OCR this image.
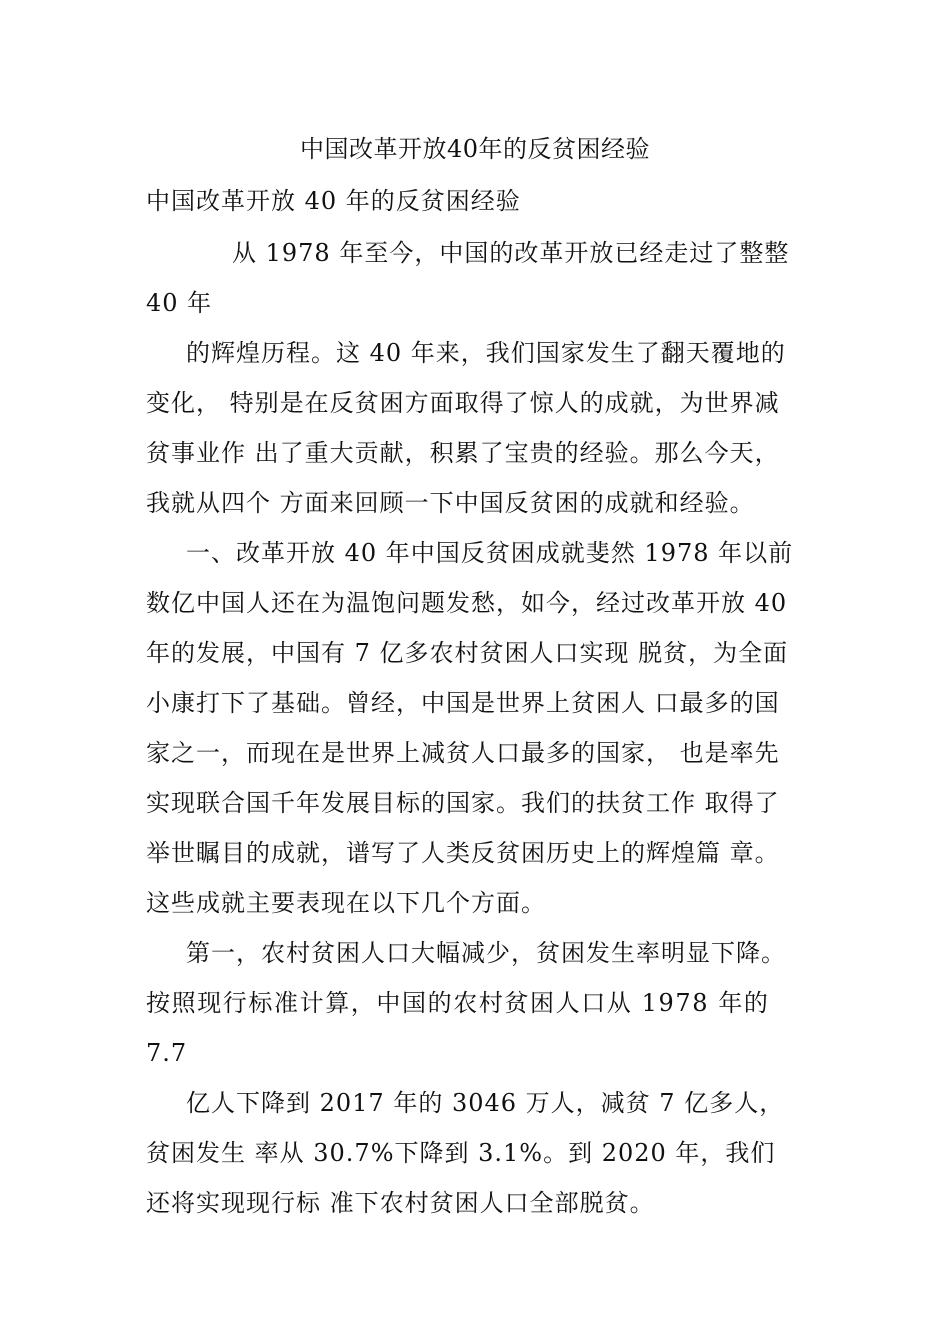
中国改革开放40年的反贫困经验
中国改革开放 40 年的反贫困经验
从 1978 年至今，中国的改革开放已经走过了整整
40 年
的辉煌历程。这 40 年来，我们国家发生了翻天覆地的
变化， 特别是在反贫困方面取得了惊人的成就，为世界减
贫事业作 出了重大贡献，积累了宝贵的经验。那么今天，
我就从四个 方面来回顾一下中国反贫困的成就和经验。
一、改革开放 40 年中国反贫困成就斐然 1978 年以前
数亿中国人还在为温饱问题发愁，如今，经过改革开放 40
年的发展，中国有 7 亿多农村贫困人口实现 脱贫，为全面
小康打下了基础。曾经，中国是世界上贫困人 口最多的国
家之一，而现在是世界上减贫人口最多的国家， 也是率先
实现联合国千年发展目标的国家。我们的扶贫工作 取得了
举世瞩目的成就，谱写了人类反贫困历史上的辉煌篇 章。
这些成就主要表现在以下几个方面。
第一，农村贫困人口大幅减少，贫困发生率明显下降。
按照现行标准计算，中国的农村贫困人口从 1978 年的
7.7
亿人下降到 2017 年的 3046 万人，减贫 7 亿多人，
贫困发生 率从 30.7%下降到 3.1%。到 2020 年，我们
还将实现现行标 准下农村贫困人口全部脱贫。
